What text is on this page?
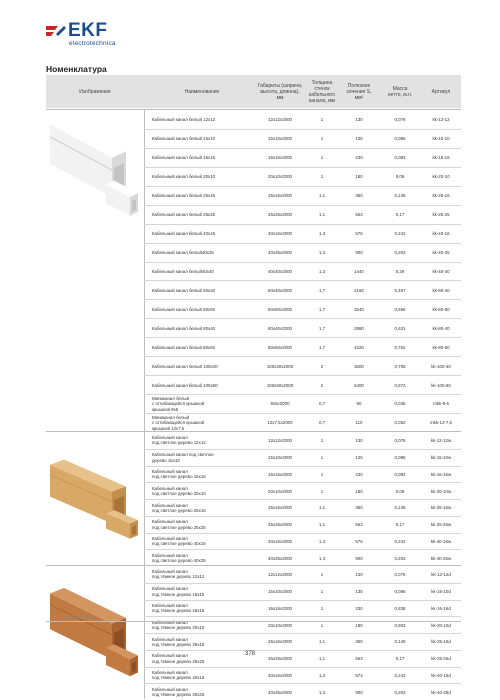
EKF
electrotechnica
Номенклатура
Изображение	Наименование
Габариты (ширина,
высота, длинна),
мм
Толщина
стенок
кабельного
канала, мм
Полезное
сечение S,
мм²
Масса
нетто, м.п.	Артикул
Кабельный канал белый 12х12	12х12х2000	1	130	0,076	kk-12-12
Кабельный канал белый 15х10	15х10х2000	1	135	0,086	kk-15-10
Кабельный канал белый 16х16	16х16х2000	1	230	0,083	kk-16-16
Кабельный канал белый 20х10	20х10х2000	1	180	0,09	kk-20-10
Кабельный канал белый 25х16	25х16х2000	1,1	360	0,149	kk-25-16
Кабельный канал белый 25х25	25х25х2000	1,1	563	0,17	kk-25-25
Кабельный канал белый 40х16	40х16х2000	1,3	576	0,242	kk-40-16
Кабельный канал белый40х25	40х25х2000	1,3	900	0,263	kk-40-25
Кабельный канал белый40х40	40х40х2000	1,3	1440	0,29	kk-40-40
Кабельный канал белый 60х40	60х40х2000	1,7	2160	0,467	kk-60-40
Кабельный канал белый 60х60	60х60х2000	1,7	3240	0,566	kk-60-60
Кабельный канал белый 80х40	80х40х2000	1,7	2880	0,631	kk-80-40
Кабельный канал белый 80х60	80х60х2000	1,7	4320	0,752	kk-80-60
Кабельный канал белый 100х40	100х40х2000	2	3600	0,705	kk-100-40
Кабельный канал белый 100х60	100х60х2000	2	5400	0,872	kk-100-60
Миниканал белый
с отгибающейся крышкой
крышкой 9х5
9х5х2000	0,7	90	0,036	mkk-9-5
Миниканал белый
с отгибающейся крышкой
крышкой 12х7,5
12х7,5х2000	0,7	110	0,052	mkk-12-7,5
Кабельный канал
под светлое дерево 12х12
12х12х2000	1	130	0,076	kk-12-12w
Кабельный канал под светлое
дерево 15х10
15х10х2000	1	135	0,086	kk-15-10w
Кабельный канал
под светлое дерево 16х16
16х16х2000	1	230	0,083	kk-16-16w
Кабельный канал
под светлое дерево 20х10
20х10х2000	1	180	0,09	kk-20-10w
Кабельный канал
под светлое дерево 25х16
25х16х2000	1,1	360	0,149	kk-25-16w
Кабельный канал
под светлое дерево 25х25
25х25х2000	1,1	563	0,17	kk-25-25w
Кабельный канал
под светлое дерево 40х16
40х16х2000	1,3	576	0,242	kk-40-16w
Кабельный канал
под светлое дерево 40х25
40х25х2000	1,3	900	0,263	kk-40-25w
Кабельный канал
под тёмное дерево 12х12
12х12х2000	1	130	0,076	kk-12-12d
Кабельный канал
под тёмное дерево 15х10
15х10х2000	1	135	0,086	kk-15-10d
Кабельный канал
под тёмное дерево 16х16
16х16х2000	1	230	0,838	kk-16-16d
Кабельный канал
под тёмное дерево 20х10
20х10х2000	1	180	0,903	kk-20-10d
Кабельный канал
под тёмное дерево 25х16
25х16х2000	1,1	360	0,149	kk-25-16d
Кабельный канал
под тёмное дерево 25х25
25х25х2000	1,1	563	0,17	kk-25-25d
Кабельный канал
под тёмное дерево 40х16
40х16х2000	1,3	574	0,242	kk-40-16d
Кабельный канал
под тёмное дерево 40х25
40х25х2000	1,3	900	0,263	kk-40-25d
378
